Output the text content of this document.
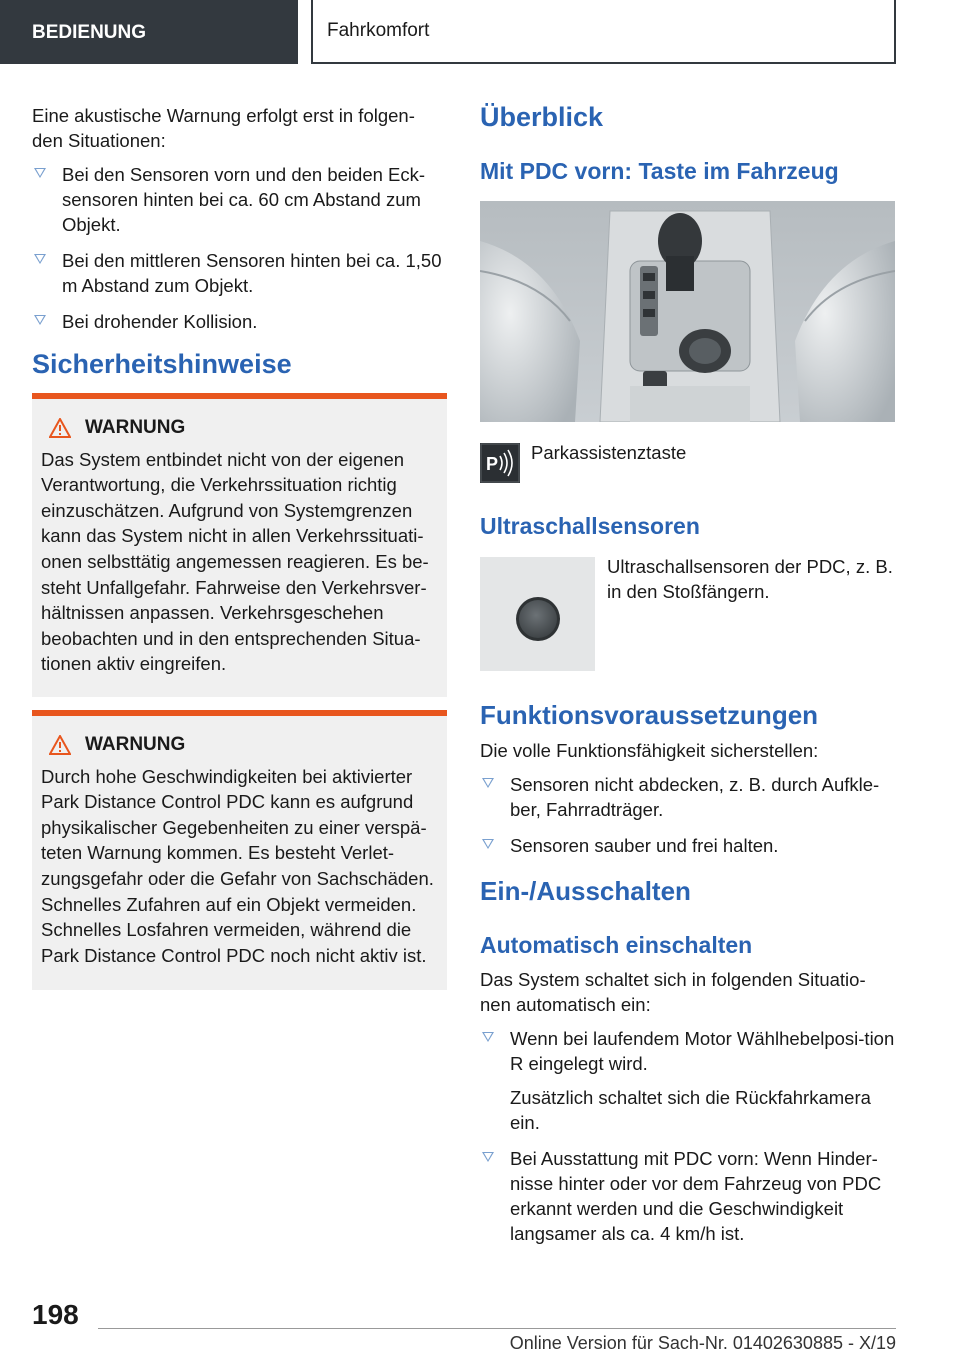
BEDIENUNG	Fahrkomfort

Eine akustische Warnung erfolgt erst in folgen-den Situationen:

Bei den Sensoren vorn und den beiden Eck-sensoren hinten bei ca. 60 cm Abstand zum Objekt.
Bei den mittleren Sensoren hinten bei ca. 1,50 m Abstand zum Objekt.
Bei drohender Kollision.
Sicherheitshinweise
WARNUNG

Das System entbindet nicht von der eigenen Verantwortung, die Verkehrssituation richtig einzuschätzen. Aufgrund von Systemgrenzen kann das System nicht in allen Verkehrssituati-onen selbsttätig angemessen reagieren. Es be-steht Unfallgefahr. Fahrweise den Verkehrsver-hältnissen anpassen. Verkehrsgeschehen beobachten und in den entsprechenden Situa-tionen aktiv eingreifen.

WARNUNG

Durch hohe Geschwindigkeiten bei aktivierter Park Distance Control PDC kann es aufgrund physikalischer Gegebenheiten zu einer verspä-teten Warnung kommen. Es besteht Verlet-zungsgefahr oder die Gefahr von Sachschäden. Schnelles Zufahren auf ein Objekt vermeiden. Schnelles Losfahren vermeiden, während die Park Distance Control PDC noch nicht aktiv ist.

Überblick
Mit PDC vorn: Taste im Fahrzeug
P

Parkassistenztaste

Ultraschallsensoren

Ultraschallsensoren der PDC, z. B. in den Stoßfängern.

Funktionsvoraussetzungen

Die volle Funktionsfähigkeit sicherstellen:

Sensoren nicht abdecken, z. B. durch Aufkle-ber, Fahrradträger.
Sensoren sauber und frei halten.
Ein-/Ausschalten
Automatisch einschalten

Das System schaltet sich in folgenden Situatio-nen automatisch ein:

Wenn bei laufendem Motor Wählhebelposi-tion R eingelegt wird.

Zusätzlich schaltet sich die Rückfahrkamera ein.

Bei Ausstattung mit PDC vorn: Wenn Hinder-nisse hinter oder vor dem Fahrzeug von PDC erkannt werden und die Geschwindigkeit langsamer als ca. 4 km/h ist.
198
Online Version für Sach-Nr. 01402630885 - X/19
